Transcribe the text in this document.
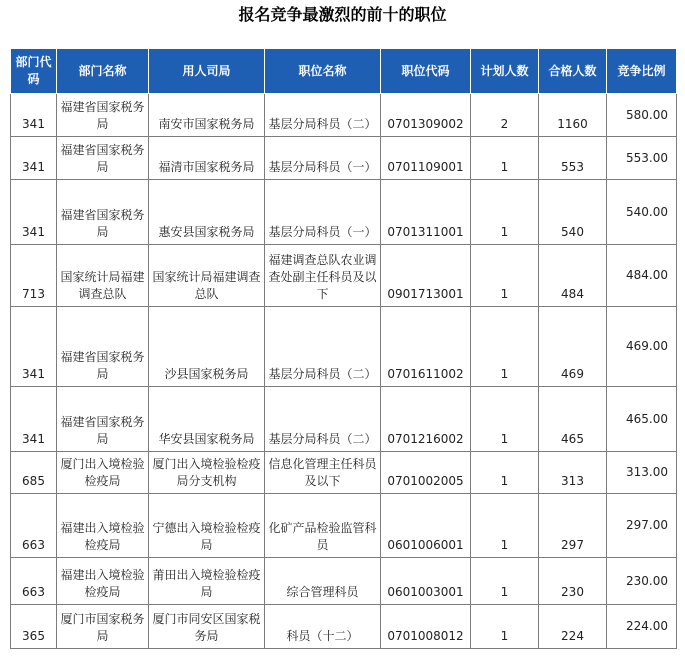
报名竞争最激烈的前十的职位
部门代码	部门名称	用人司局	职位名称	职位代码	计划人数	合格人数	竞争比例
341	福建省国家税务局	南安市国家税务局	基层分局科员（二）	0701309002	2	1160	580.00
341	福建省国家税务局	福清市国家税务局	基层分局科员（一）	0701109001	1	553	553.00
341	福建省国家税务局	惠安县国家税务局	基层分局科员（一）	0701311001	1	540	540.00
713	国家统计局福建调查总队	国家统计局福建调查总队	福建调查总队农业调查处副主任科员及以下	0901713001	1	484	484.00
341	福建省国家税务局	沙县国家税务局	基层分局科员（二）	0701611002	1	469	469.00
341	福建省国家税务局	华安县国家税务局	基层分局科员（二）	0701216002	1	465	465.00
685	厦门出入境检验检疫局	厦门出入境检验检疫局分支机构	信息化管理主任科员及以下	0701002005	1	313	313.00
663	福建出入境检验检疫局	宁德出入境检验检疫局	化矿产品检验监管科员	0601006001	1	297	297.00
663	福建出入境检验检疫局	莆田出入境检验检疫局	综合管理科员	0601003001	1	230	230.00
365	厦门市国家税务局	厦门市同安区国家税务局	科员（十二）	0701008012	1	224	224.00
